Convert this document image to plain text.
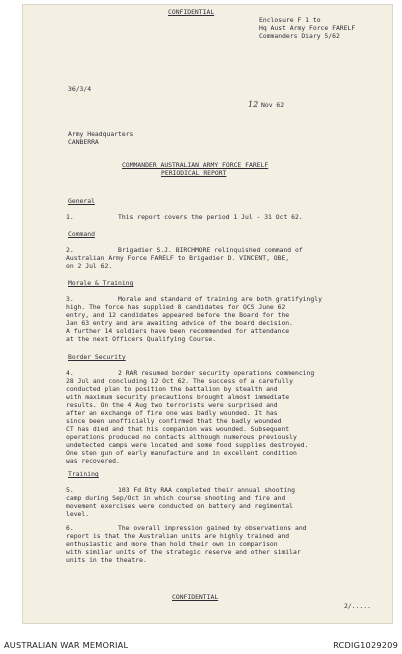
CONFIDENTIAL
Enclosure F 1 to
Hq Aust Army Force FARELF
Commanders Diary 5/62
36/3/4
12 Nov 62
Army Headquarters
CANBERRA
COMMANDER AUSTRALIAN ARMY FORCE FARELF
PERIODICAL REPORT
General
1.	This report covers the period 1 Jul - 31 Oct 62.
Command
2.	Brigadier S.J. BIRCHMORE relinquished command of
Australian Army Force FARELF to Brigadier D. VINCENT, OBE,
on 2 Jul 62.
Morale & Training
3.	Morale and standard of training are both gratifyingly
high. The force has supplied 8 candidates for OCS June 62
entry, and 12 candidates appeared before the Board for the
Jan 63 entry and are awaiting advice of the board decision.
A further 14 soldiers have been recommended for attendance
at the next Officers Qualifying Course.
Border Security
4.	2 RAR resumed border security operations commencing
28 Jul and concluding 12 Oct 62. The success of a carefully
conducted plan to position the battalion by stealth and
with maximum security precautions brought almost immediate
results. On the 4 Aug two terrorists were surprised and
after an exchange of fire one was badly wounded. It has
since been unofficially confirmed that the badly wounded
CT has died and that his companion was wounded. Subsequent
operations produced no contacts although numerous previously
undetected camps were located and some food supplies destroyed.
One sten gun of early manufacture and in excellent condition
was recovered.
Training
5.	103 Fd Bty RAA completed their annual shooting
camp during Sep/Oct in which course shooting and fire and
movement exercises were conducted on battery and regimental
level.
6.	The overall impression gained by observations and
report is that the Australian units are highly trained and
enthusiastic and more than hold their own in comparison
with similar units of the strategic reserve and other similar
units in the theatre.
CONFIDENTIAL
2/.....
AUSTRALIAN WAR MEMORIAL	RCDIG1029209
